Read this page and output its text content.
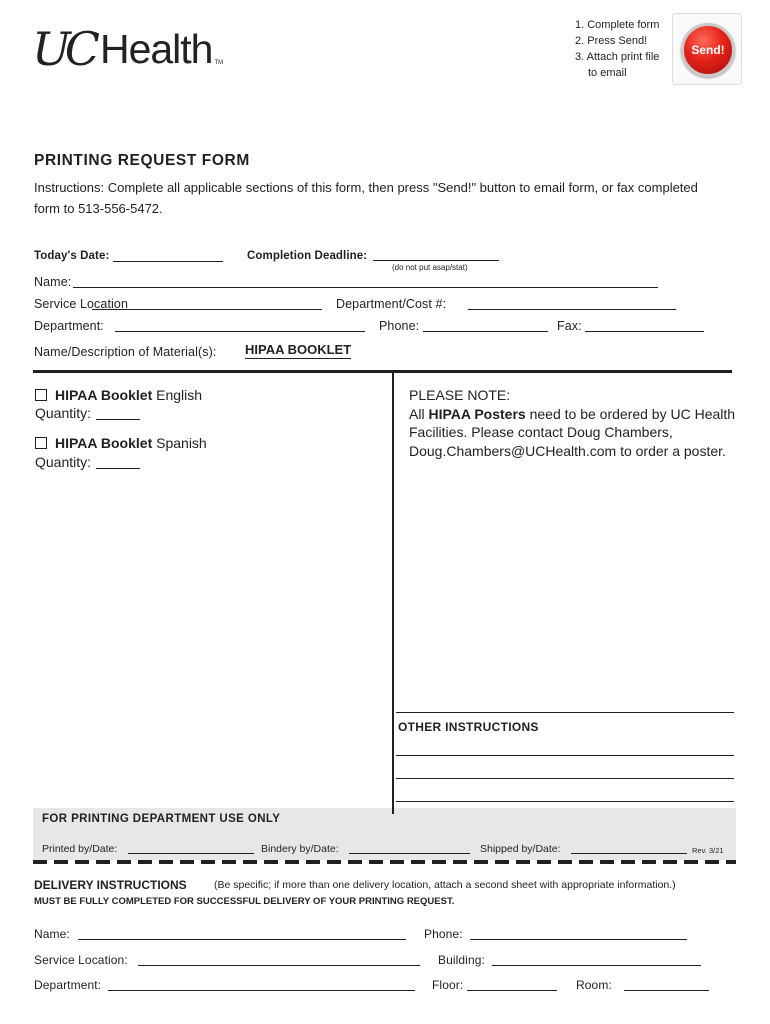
UC Health TM
1. Complete form
2. Press Send!
3. Attach print file
to email
Send!
PRINTING REQUEST FORM
Instructions: Complete all applicable sections of this form, then press "Send!" button to email form, or fax completed form to 513-556-5472.
Today's Date:	Completion Deadline:
(do not put asap/stat)
Name:
Service Location	Department/Cost #:
Department:	Phone:	Fax:
Name/Description of Material(s): HIPAA BOOKLET
HIPAA Booklet English
Quantity:
HIPAA Booklet Spanish
Quantity:
PLEASE NOTE:
All HIPAA Posters need to be ordered by UC Health Facilities. Please contact Doug Chambers, Doug.Chambers@UCHealth.com to order a poster.
OTHER INSTRUCTIONS
FOR PRINTING DEPARTMENT USE ONLY
Printed by/Date:	Bindery by/Date:	Shipped by/Date:	Rev. 3/21
DELIVERY INSTRUCTIONS	(Be specific; if more than one delivery location, attach a second sheet with appropriate information.)
MUST BE FULLY COMPLETED FOR SUCCESSFUL DELIVERY OF YOUR PRINTING REQUEST.
Name:	Phone:
Service Location:	Building:
Department:	Floor:	Room:
